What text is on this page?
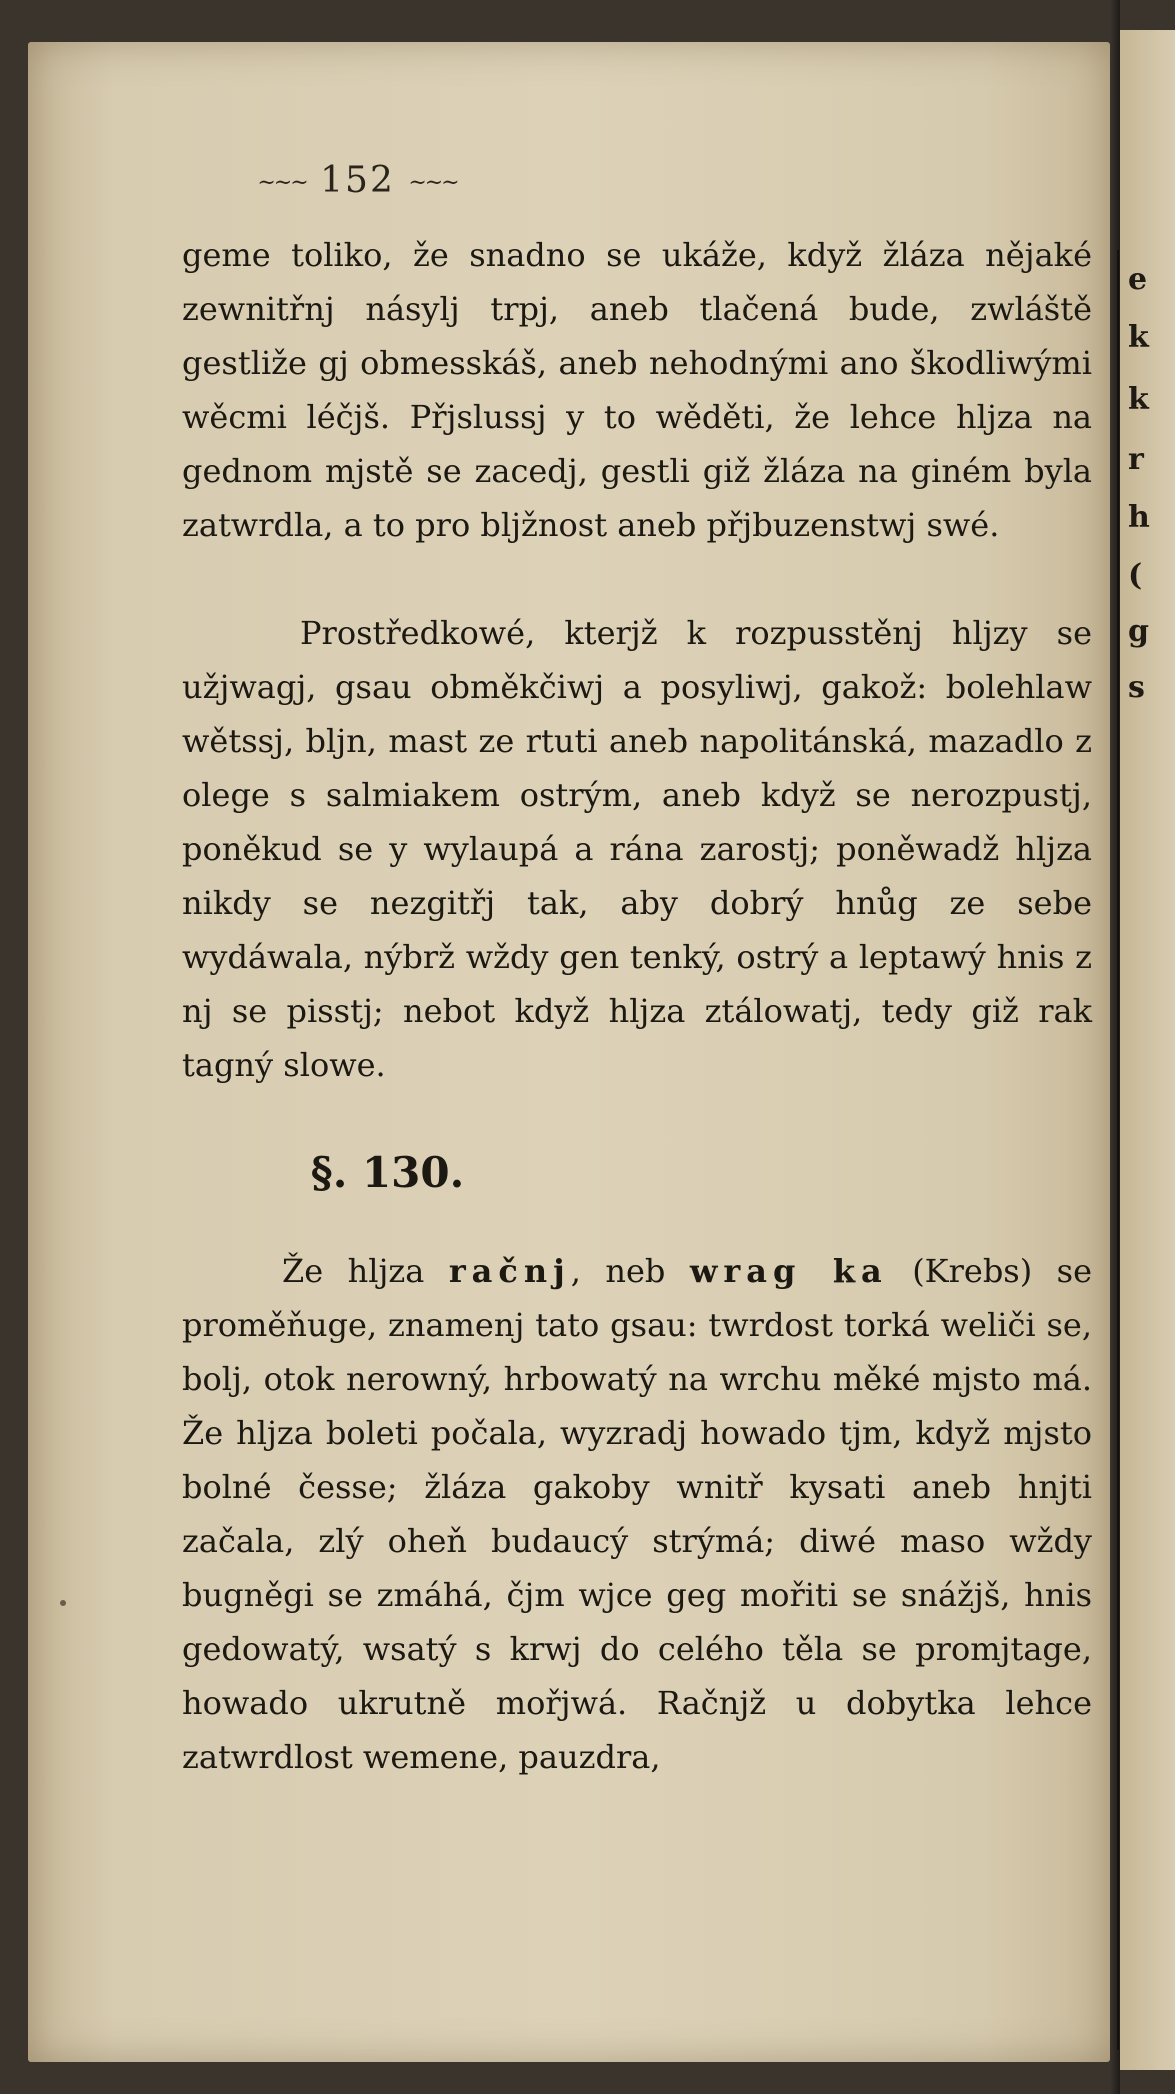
e
k
k
r
h
(
g
s
~~~ 152 ~~~
geme toliko, že snadno se ukáže, když žláza nějaké zewnitřnj násylj trpj, aneb tlačená bude, zwláště gestliže gj obmesskáš, aneb nehodnými ano škodliwými wěcmi léčjš. Přjslussj y to wěděti, že lehce hljza na gednom mjstě se zacedj, gestli giž žláza na giném byla zatwrdla, a to pro bljžnost aneb přjbuzenstwj swé.
Prostředkowé, kterjž k rozpusstěnj hljzy se užjwagj, gsau obměkčiwj a posyliwj, gakož: bolehlaw wětssj, bljn, mast ze rtuti aneb napolitánská, mazadlo z olege s salmiakem ostrým, aneb když se nerozpustj, poněkud se y wylaupá a rána zarostj; poněwadž hljza nikdy se nezgitřj tak, aby dobrý hnůg ze sebe wydáwala, nýbrž wždy gen tenký, ostrý a leptawý hnis z nj se pisstj; nebot když hljza ztálowatj, tedy giž rak tagný slowe.
§. 130.
Že hljza račnj, neb wrag ka (Krebs) se proměňuge, znamenj tato gsau: twrdost torká weliči se, bolj, otok nerowný, hrbowatý na wrchu měké mjsto má. Že hljza boleti počala, wyzradj howado tjm, když mjsto bolné česse; žláza gakoby wnitř kysati aneb hnjti začala, zlý oheň budaucý strýmá; diwé maso wždy bugněgi se zmáhá, čjm wjce geg mořiti se snážjš, hnis gedowatý, wsatý s krwj do celého těla se promjtage, howado ukrutně mořjwá. Račnjž u dobytka lehce zatwrdlost wemene, pauzdra,
